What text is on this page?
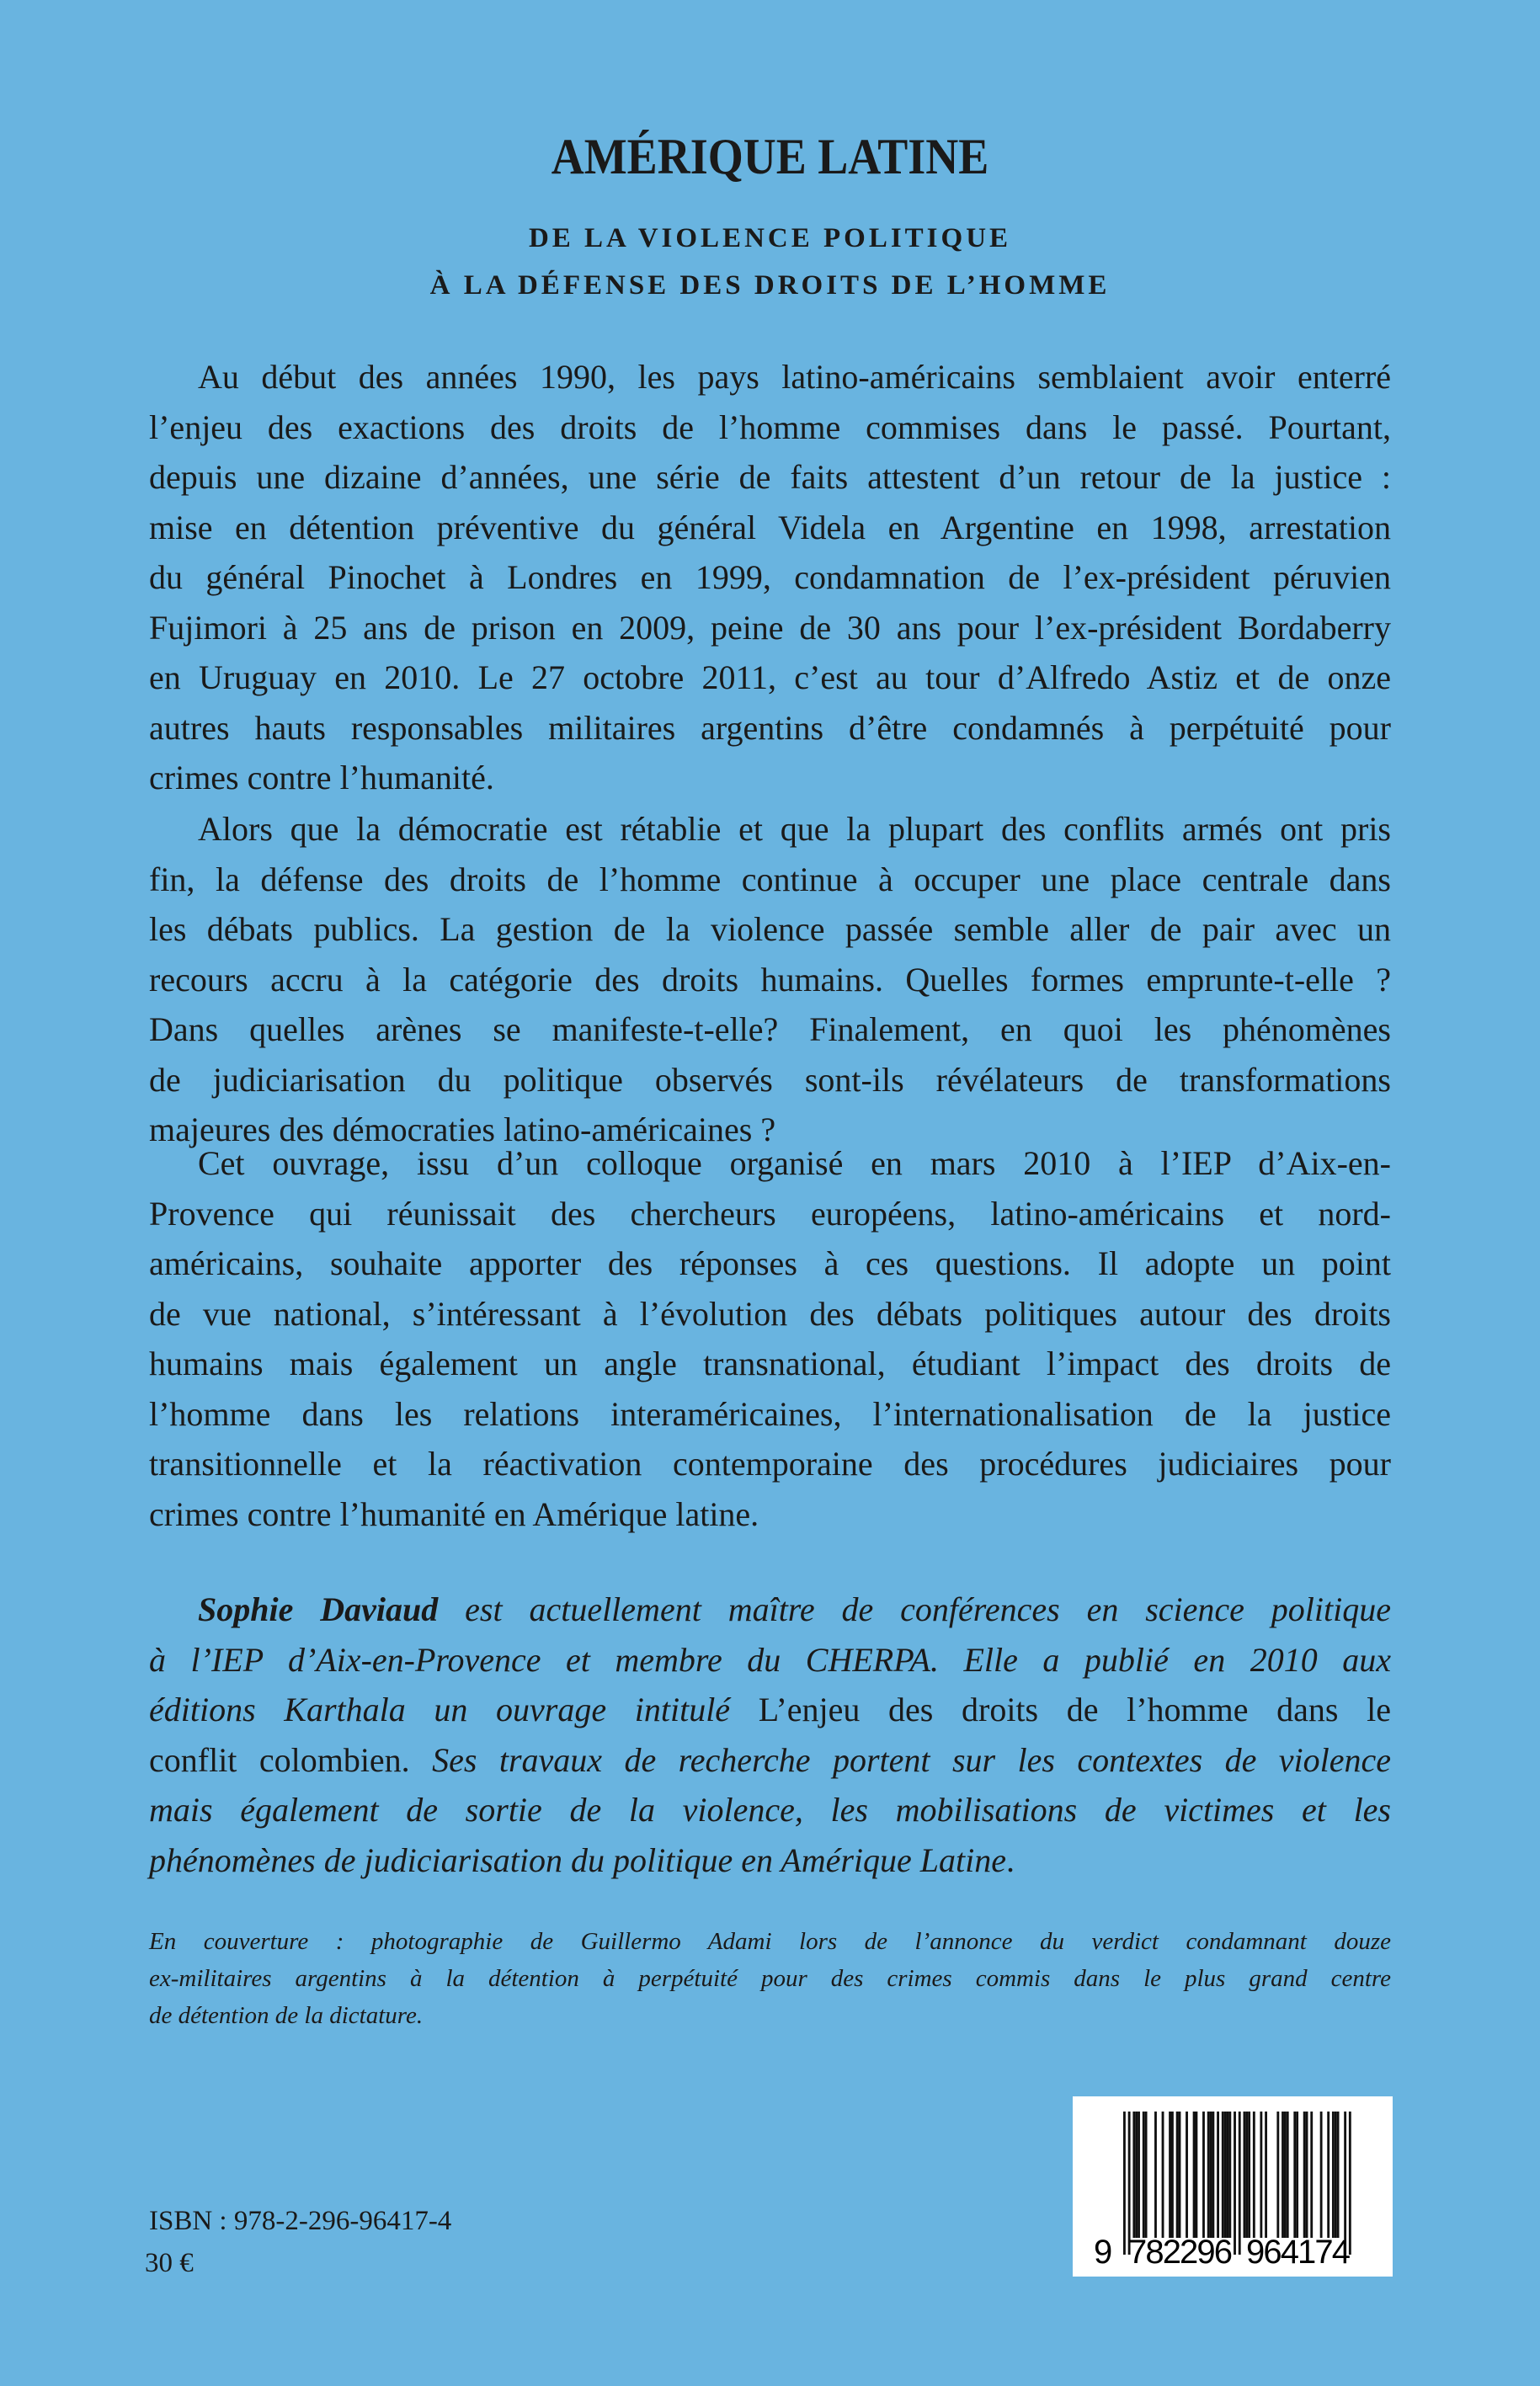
AMÉRIQUE LATINE
DE LA VIOLENCE POLITIQUE
À LA DÉFENSE DES DROITS DE L’HOMME
Au début des années 1990, les pays latino-américains semblaient avoir enterré
l’enjeu des exactions des droits de l’homme commises dans le passé. Pourtant,
depuis une dizaine d’années, une série de faits attestent d’un retour de la justice :
mise en détention préventive du général Videla en Argentine en 1998, arrestation
du général Pinochet à Londres en 1999, condamnation de l’ex-président péruvien
Fujimori à 25 ans de prison en 2009, peine de 30 ans pour l’ex-président Bordaberry
en Uruguay en 2010. Le 27 octobre 2011, c’est au tour d’Alfredo Astiz et de onze
autres hauts responsables militaires argentins d’être condamnés à perpétuité pour
crimes contre l’humanité.
Alors que la démocratie est rétablie et que la plupart des conflits armés ont pris
fin, la défense des droits de l’homme continue à occuper une place centrale dans
les débats publics. La gestion de la violence passée semble aller de pair avec un
recours accru à la catégorie des droits humains. Quelles formes emprunte-t-elle ?
Dans quelles arènes se manifeste-t-elle? Finalement, en quoi les phénomènes
de judiciarisation du politique observés sont-ils révélateurs de transformations
majeures des démocraties latino-américaines ?
Cet ouvrage, issu d’un colloque organisé en mars 2010 à l’IEP d’Aix-en-
Provence qui réunissait des chercheurs européens, latino-américains et nord-
américains, souhaite apporter des réponses à ces questions. Il adopte un point
de vue national, s’intéressant à l’évolution des débats politiques autour des droits
humains mais également un angle transnational, étudiant l’impact des droits de
l’homme dans les relations interaméricaines, l’internationalisation de la justice
transitionnelle et la réactivation contemporaine des procédures judiciaires pour
crimes contre l’humanité en Amérique latine.
Sophie Daviaud est actuellement maître de conférences en science politique
à l’IEP d’Aix-en-Provence et membre du CHERPA. Elle a publié en 2010 aux
éditions Karthala un ouvrage intitulé L’enjeu des droits de l’homme dans le
conflit colombien. Ses travaux de recherche portent sur les contextes de violence
mais également de sortie de la violence, les mobilisations de victimes et les
phénomènes de judiciarisation du politique en Amérique Latine.
En couverture : photographie de Guillermo Adami lors de l’annonce du verdict condamnant douze
ex-militaires argentins à la détention à perpétuité pour des crimes commis dans le plus grand centre
de détention de la dictature.
ISBN : 978-2-296-96417-4
30 €	9 782296 964174
